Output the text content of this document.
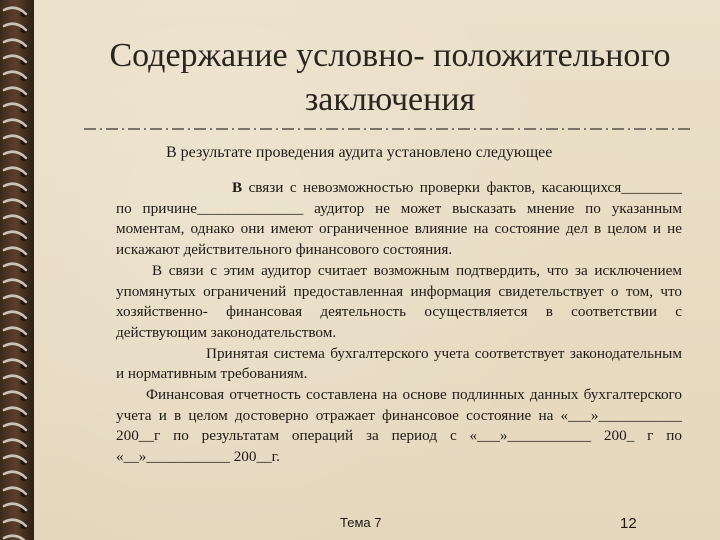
Содержание условно- положительного
заключения
В результате проведения аудита установлено следующее

В связи с невозможностью проверки фактов, касающихся________ по причине______________ аудитор не может высказать мнение по указанным моментам, однако они имеют ограниченное влияние на состояние дел в целом и не искажают действительного финансового состояния.

В связи с этим аудитор считает возможным подтвердить, что за исключением упомянутых ограничений предоставленная информация свидетельствует о том, что хозяйственно- финансовая деятельность осуществляется в соответствии с действующим законодательством.

Принятая система бухгалтерского учета соответствует законодательным и нормативным требованиям.

Финансовая отчетность составлена на основе подлинных данных бухгалтерского учета и в целом достоверно отражает финансовое состояние на «___»___________ 200__г по результатам операций за период с «___»___________ 200_ г по «__»___________ 200__г.

Тема 7	12
